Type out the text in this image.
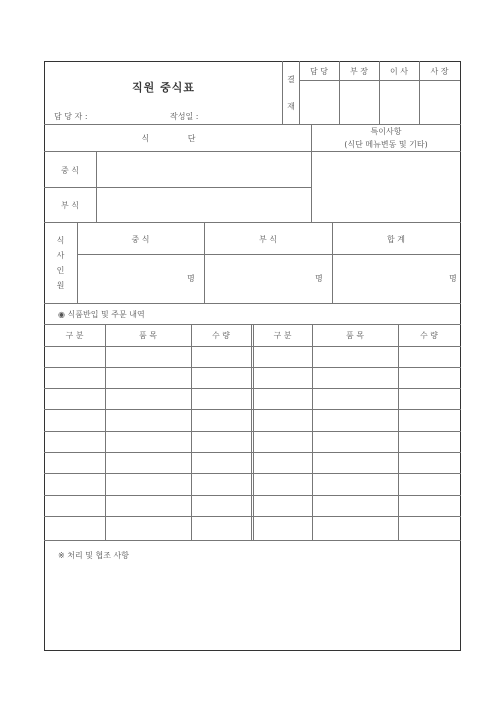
직원 중식표
담 당 자 :	작성일 :
결
재
담 당	부 장	이 사	사 장
식 단
특이사항
(식단 메뉴변동 및 기타)
중 식
부 식
식
사
인
원
중 식	부 식	합 계
명	명	명
◉ 식품반입 및 주문 내역
구 분	품 목	수 량	구 분	품 목	수 량
※ 처리 및 협조 사항
